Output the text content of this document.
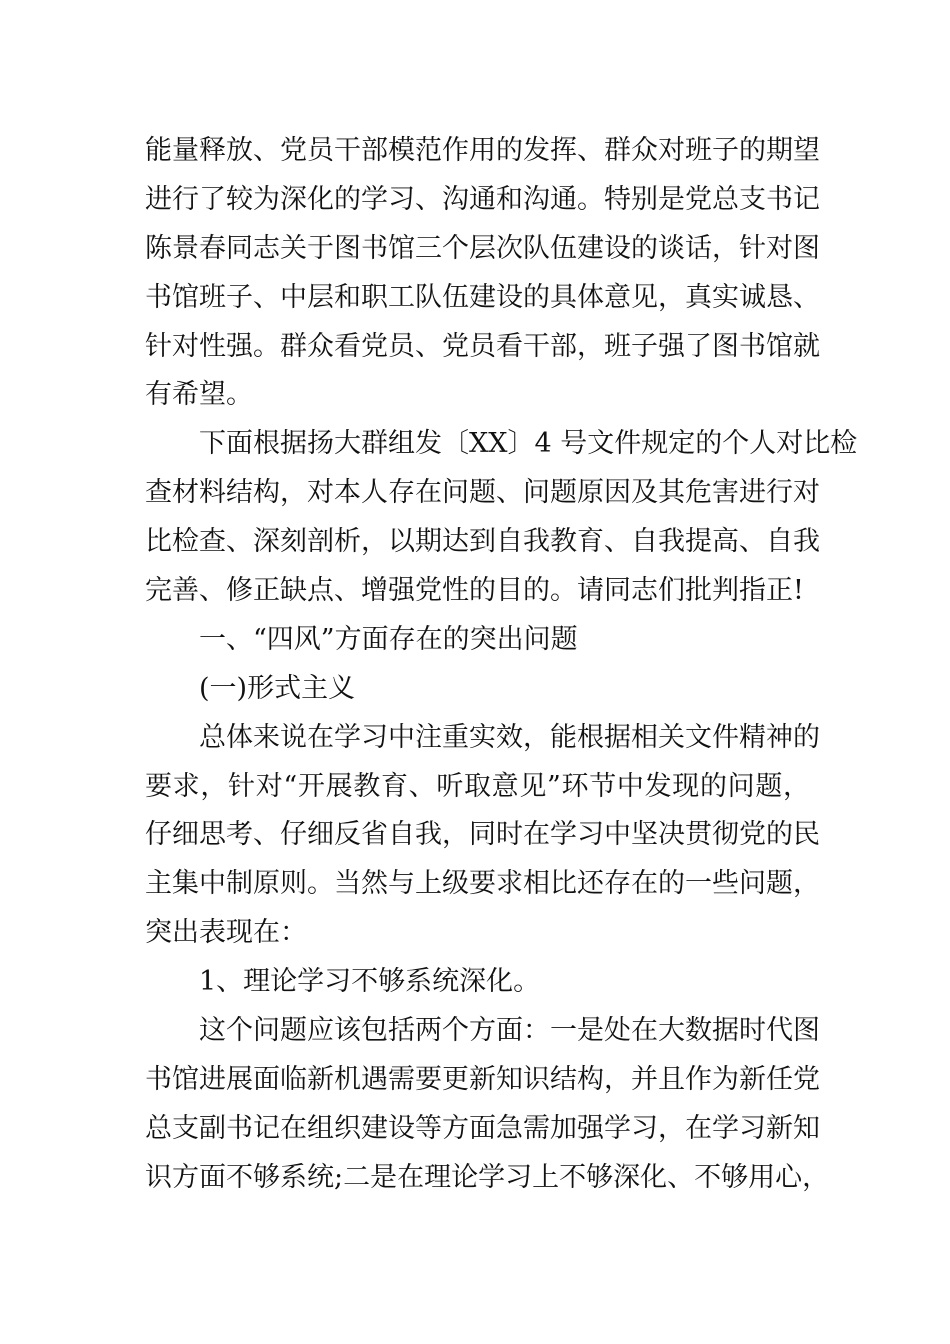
能量释放、党员干部模范作用的发挥、群众对班子的期望
进行了较为深化的学习、沟通和沟通。特别是党总支书记
陈景春同志关于图书馆三个层次队伍建设的谈话，针对图
书馆班子、中层和职工队伍建设的具体意见，真实诚恳、
针对性强。群众看党员、党员看干部，班子强了图书馆就
有希望。
下面根据扬大群组发〔XX〕4 号文件规定的个人对比检
查材料结构，对本人存在问题、问题原因及其危害进行对
比检查、深刻剖析，以期达到自我教育、自我提高、自我
完善、修正缺点、增强党性的目的。请同志们批判指正!
一、“四风”方面存在的突出问题
(一)形式主义
总体来说在学习中注重实效，能根据相关文件精神的
要求，针对“开展教育、听取意见”环节中发现的问题，
仔细思考、仔细反省自我，同时在学习中坚决贯彻党的民
主集中制原则。当然与上级要求相比还存在的一些问题，
突出表现在：
1、理论学习不够系统深化。
这个问题应该包括两个方面：一是处在大数据时代图
书馆进展面临新机遇需要更新知识结构，并且作为新任党
总支副书记在组织建设等方面急需加强学习，在学习新知
识方面不够系统;二是在理论学习上不够深化、不够用心，
